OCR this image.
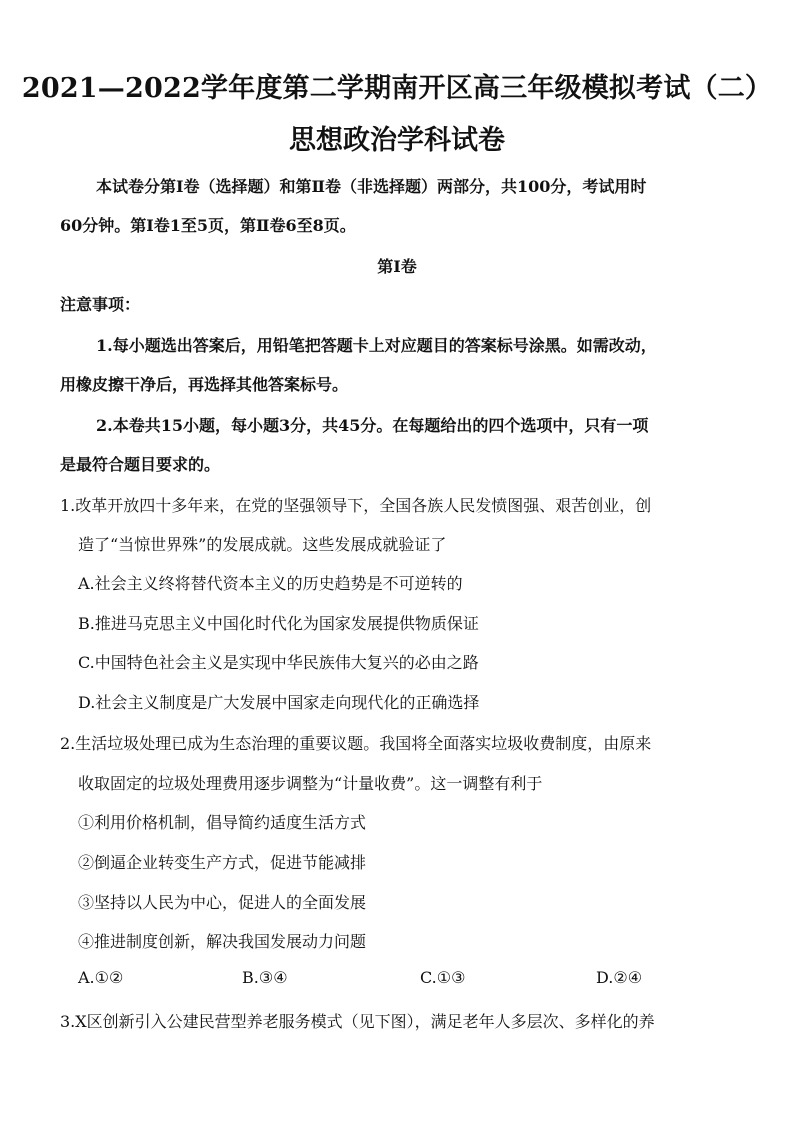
2021—2022学年度第二学期南开区高三年级模拟考试（二）
思想政治学科试卷
本试卷分第Ⅰ卷（选择题）和第Ⅱ卷（非选择题）两部分，共100分，考试用时
60分钟。第Ⅰ卷1至5页，第Ⅱ卷6至8页。
第Ⅰ卷
注意事项：
1.每小题选出答案后，用铅笔把答题卡上对应题目的答案标号涂黑。如需改动，
用橡皮擦干净后，再选择其他答案标号。
2.本卷共15小题，每小题3分，共45分。在每题给出的四个选项中，只有一项
是最符合题目要求的。
1.改革开放四十多年来，在党的坚强领导下，全国各族人民发愤图强、艰苦创业，创
造了“当惊世界殊”的发展成就。这些发展成就验证了
A.社会主义终将替代资本主义的历史趋势是不可逆转的
B.推进马克思主义中国化时代化为国家发展提供物质保证
C.中国特色社会主义是实现中华民族伟大复兴的必由之路
D.社会主义制度是广大发展中国家走向现代化的正确选择
2.生活垃圾处理已成为生态治理的重要议题。我国将全面落实垃圾收费制度，由原来
收取固定的垃圾处理费用逐步调整为“计量收费”。这一调整有利于
①利用价格机制，倡导简约适度生活方式
②倒逼企业转变生产方式，促进节能减排
③坚持以人民为中心，促进人的全面发展
④推进制度创新，解决我国发展动力问题
A.①②	B.③④	C.①③	D.②④
3.X区创新引入公建民营型养老服务模式（见下图），满足老年人多层次、多样化的养
